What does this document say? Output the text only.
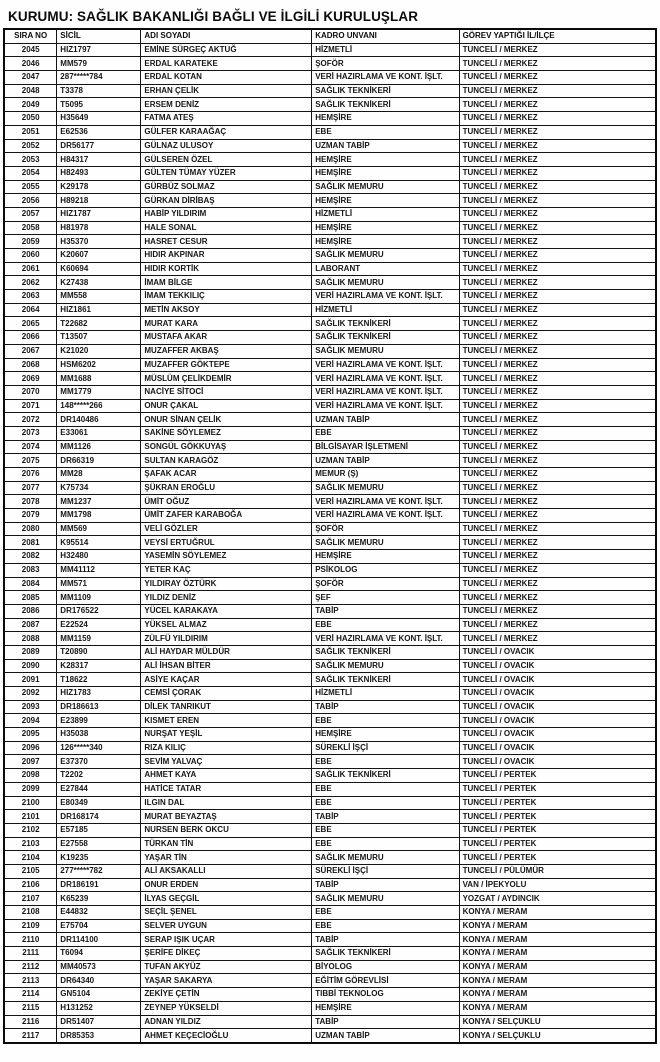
KURUMU: SAĞLIK BAKANLIĞI BAĞLI VE İLGİLİ KURULUŞLAR
SIRA NO	SİCİL	ADI SOYADI	KADRO UNVANI	GÖREV YAPTIĞI İL/İLÇE
2045	HIZ1797	EMİNE SÜRGEÇ AKTUĞ	HİZMETLİ	TUNCELİ / MERKEZ
2046	MM579	ERDAL KARATEKE	ŞOFÖR	TUNCELİ / MERKEZ
2047	287*****784	ERDAL KOTAN	VERİ HAZIRLAMA VE KONT. İŞLT.	TUNCELİ / MERKEZ
2048	T3378	ERHAN ÇELİK	SAĞLIK TEKNİKERİ	TUNCELİ / MERKEZ
2049	T5095	ERSEM DENİZ	SAĞLIK TEKNİKERİ	TUNCELİ / MERKEZ
2050	H35649	FATMA ATEŞ	HEMŞİRE	TUNCELİ / MERKEZ
2051	E62536	GÜLFER KARAAĞAÇ	EBE	TUNCELİ / MERKEZ
2052	DR56177	GÜLNAZ ULUSOY	UZMAN TABİP	TUNCELİ / MERKEZ
2053	H84317	GÜLSEREN ÖZEL	HEMŞİRE	TUNCELİ / MERKEZ
2054	H82493	GÜLTEN TÜMAY YÜZER	HEMŞİRE	TUNCELİ / MERKEZ
2055	K29178	GÜRBÜZ SOLMAZ	SAĞLIK MEMURU	TUNCELİ / MERKEZ
2056	H89218	GÜRKAN DİRİBAŞ	HEMŞİRE	TUNCELİ / MERKEZ
2057	HIZ1787	HABİP YILDIRIM	HİZMETLİ	TUNCELİ / MERKEZ
2058	H81978	HALE SONAL	HEMŞİRE	TUNCELİ / MERKEZ
2059	H35370	HASRET CESUR	HEMŞİRE	TUNCELİ / MERKEZ
2060	K20607	HIDIR AKPINAR	SAĞLIK MEMURU	TUNCELİ / MERKEZ
2061	K60694	HIDIR KORTİK	LABORANT	TUNCELİ / MERKEZ
2062	K27438	İMAM BİLGE	SAĞLIK MEMURU	TUNCELİ / MERKEZ
2063	MM558	İMAM TEKKILIÇ	VERİ HAZIRLAMA VE KONT. İŞLT.	TUNCELİ / MERKEZ
2064	HIZ1861	METİN AKSOY	HİZMETLİ	TUNCELİ / MERKEZ
2065	T22682	MURAT KARA	SAĞLIK TEKNİKERİ	TUNCELİ / MERKEZ
2066	T13507	MUSTAFA AKAR	SAĞLIK TEKNİKERİ	TUNCELİ / MERKEZ
2067	K21020	MUZAFFER AKBAŞ	SAĞLIK MEMURU	TUNCELİ / MERKEZ
2068	HSM6202	MUZAFFER GÖKTEPE	VERİ HAZIRLAMA VE KONT. İŞLT.	TUNCELİ / MERKEZ
2069	MM1688	MÜSLÜM ÇELİKDEMİR	VERİ HAZIRLAMA VE KONT. İŞLT.	TUNCELİ / MERKEZ
2070	MM1779	NACİYE SİTOCİ	VERİ HAZIRLAMA VE KONT. İŞLT.	TUNCELİ / MERKEZ
2071	148*****266	ONUR ÇAKAL	VERİ HAZIRLAMA VE KONT. İŞLT.	TUNCELİ / MERKEZ
2072	DR140486	ONUR SİNAN ÇELİK	UZMAN TABİP	TUNCELİ / MERKEZ
2073	E33061	SAKİNE SÖYLEMEZ	EBE	TUNCELİ / MERKEZ
2074	MM1126	SONGÜL GÖKKUYAŞ	BİLGİSAYAR İŞLETMENİ	TUNCELİ / MERKEZ
2075	DR66319	SULTAN KARAGÖZ	UZMAN TABİP	TUNCELİ / MERKEZ
2076	MM28	ŞAFAK ACAR	MEMUR (Ş)	TUNCELİ / MERKEZ
2077	K75734	ŞÜKRAN EROĞLU	SAĞLIK MEMURU	TUNCELİ / MERKEZ
2078	MM1237	ÜMİT OĞUZ	VERİ HAZIRLAMA VE KONT. İŞLT.	TUNCELİ / MERKEZ
2079	MM1798	ÜMİT ZAFER KARABOĞA	VERİ HAZIRLAMA VE KONT. İŞLT.	TUNCELİ / MERKEZ
2080	MM569	VELİ GÖZLER	ŞOFÖR	TUNCELİ / MERKEZ
2081	K95514	VEYSİ ERTUĞRUL	SAĞLIK MEMURU	TUNCELİ / MERKEZ
2082	H32480	YASEMİN SÖYLEMEZ	HEMŞİRE	TUNCELİ / MERKEZ
2083	MM41112	YETER KAÇ	PSİKOLOG	TUNCELİ / MERKEZ
2084	MM571	YILDIRAY ÖZTÜRK	ŞOFÖR	TUNCELİ / MERKEZ
2085	MM1109	YILDIZ DENİZ	ŞEF	TUNCELİ / MERKEZ
2086	DR176522	YÜCEL KARAKAYA	TABİP	TUNCELİ / MERKEZ
2087	E22524	YÜKSEL ALMAZ	EBE	TUNCELİ / MERKEZ
2088	MM1159	ZÜLFÜ YILDIRIM	VERİ HAZIRLAMA VE KONT. İŞLT.	TUNCELİ / MERKEZ
2089	T20890	ALİ HAYDAR MÜLDÜR	SAĞLIK TEKNİKERİ	TUNCELİ / OVACIK
2090	K28317	ALİ İHSAN BİTER	SAĞLIK MEMURU	TUNCELİ / OVACIK
2091	T18622	ASİYE KAÇAR	SAĞLIK TEKNİKERİ	TUNCELİ / OVACIK
2092	HIZ1783	CEMSİ ÇORAK	HİZMETLİ	TUNCELİ / OVACIK
2093	DR186613	DİLEK TANRIKUT	TABİP	TUNCELİ / OVACIK
2094	E23899	KISMET EREN	EBE	TUNCELİ / OVACIK
2095	H35038	NURŞAT YEŞİL	HEMŞİRE	TUNCELİ / OVACIK
2096	126*****340	RIZA KILIÇ	SÜREKLİ İŞÇİ	TUNCELİ / OVACIK
2097	E37370	SEVİM YALVAÇ	EBE	TUNCELİ / OVACIK
2098	T2202	AHMET KAYA	SAĞLIK TEKNİKERİ	TUNCELİ / PERTEK
2099	E27844	HATİCE TATAR	EBE	TUNCELİ / PERTEK
2100	E80349	ILGIN DAL	EBE	TUNCELİ / PERTEK
2101	DR168174	MURAT BEYAZTAŞ	TABİP	TUNCELİ / PERTEK
2102	E57185	NURSEN BERK OKCU	EBE	TUNCELİ / PERTEK
2103	E27558	TÜRKAN TİN	EBE	TUNCELİ / PERTEK
2104	K19235	YAŞAR TİN	SAĞLIK MEMURU	TUNCELİ / PERTEK
2105	277*****782	ALİ AKSAKALLI	SÜREKLİ İŞÇİ	TUNCELİ / PÜLÜMÜR
2106	DR186191	ONUR ERDEN	TABİP	VAN / İPEKYOLU
2107	K65239	İLYAS GEÇGİL	SAĞLIK MEMURU	YOZGAT / AYDINCIK
2108	E44832	SEÇİL ŞENEL	EBE	KONYA / MERAM
2109	E75704	SELVER UYGUN	EBE	KONYA / MERAM
2110	DR114100	SERAP IŞIK UÇAR	TABİP	KONYA / MERAM
2111	T6094	ŞERİFE DİKEÇ	SAĞLIK TEKNİKERİ	KONYA / MERAM
2112	MM40573	TUFAN AKYÜZ	BİYOLOG	KONYA / MERAM
2113	DR64340	YAŞAR SAKARYA	EĞİTİM GÖREVLİSİ	KONYA / MERAM
2114	GN5104	ZEKİYE ÇETİN	TIBBİ TEKNOLOG	KONYA / MERAM
2115	H131252	ZEYNEP YÜKSELDİ	HEMŞİRE	KONYA / MERAM
2116	DR51407	ADNAN YILDIZ	TABİP	KONYA / SELÇUKLU
2117	DR85353	AHMET KEÇECİOĞLU	UZMAN TABİP	KONYA / SELÇUKLU
